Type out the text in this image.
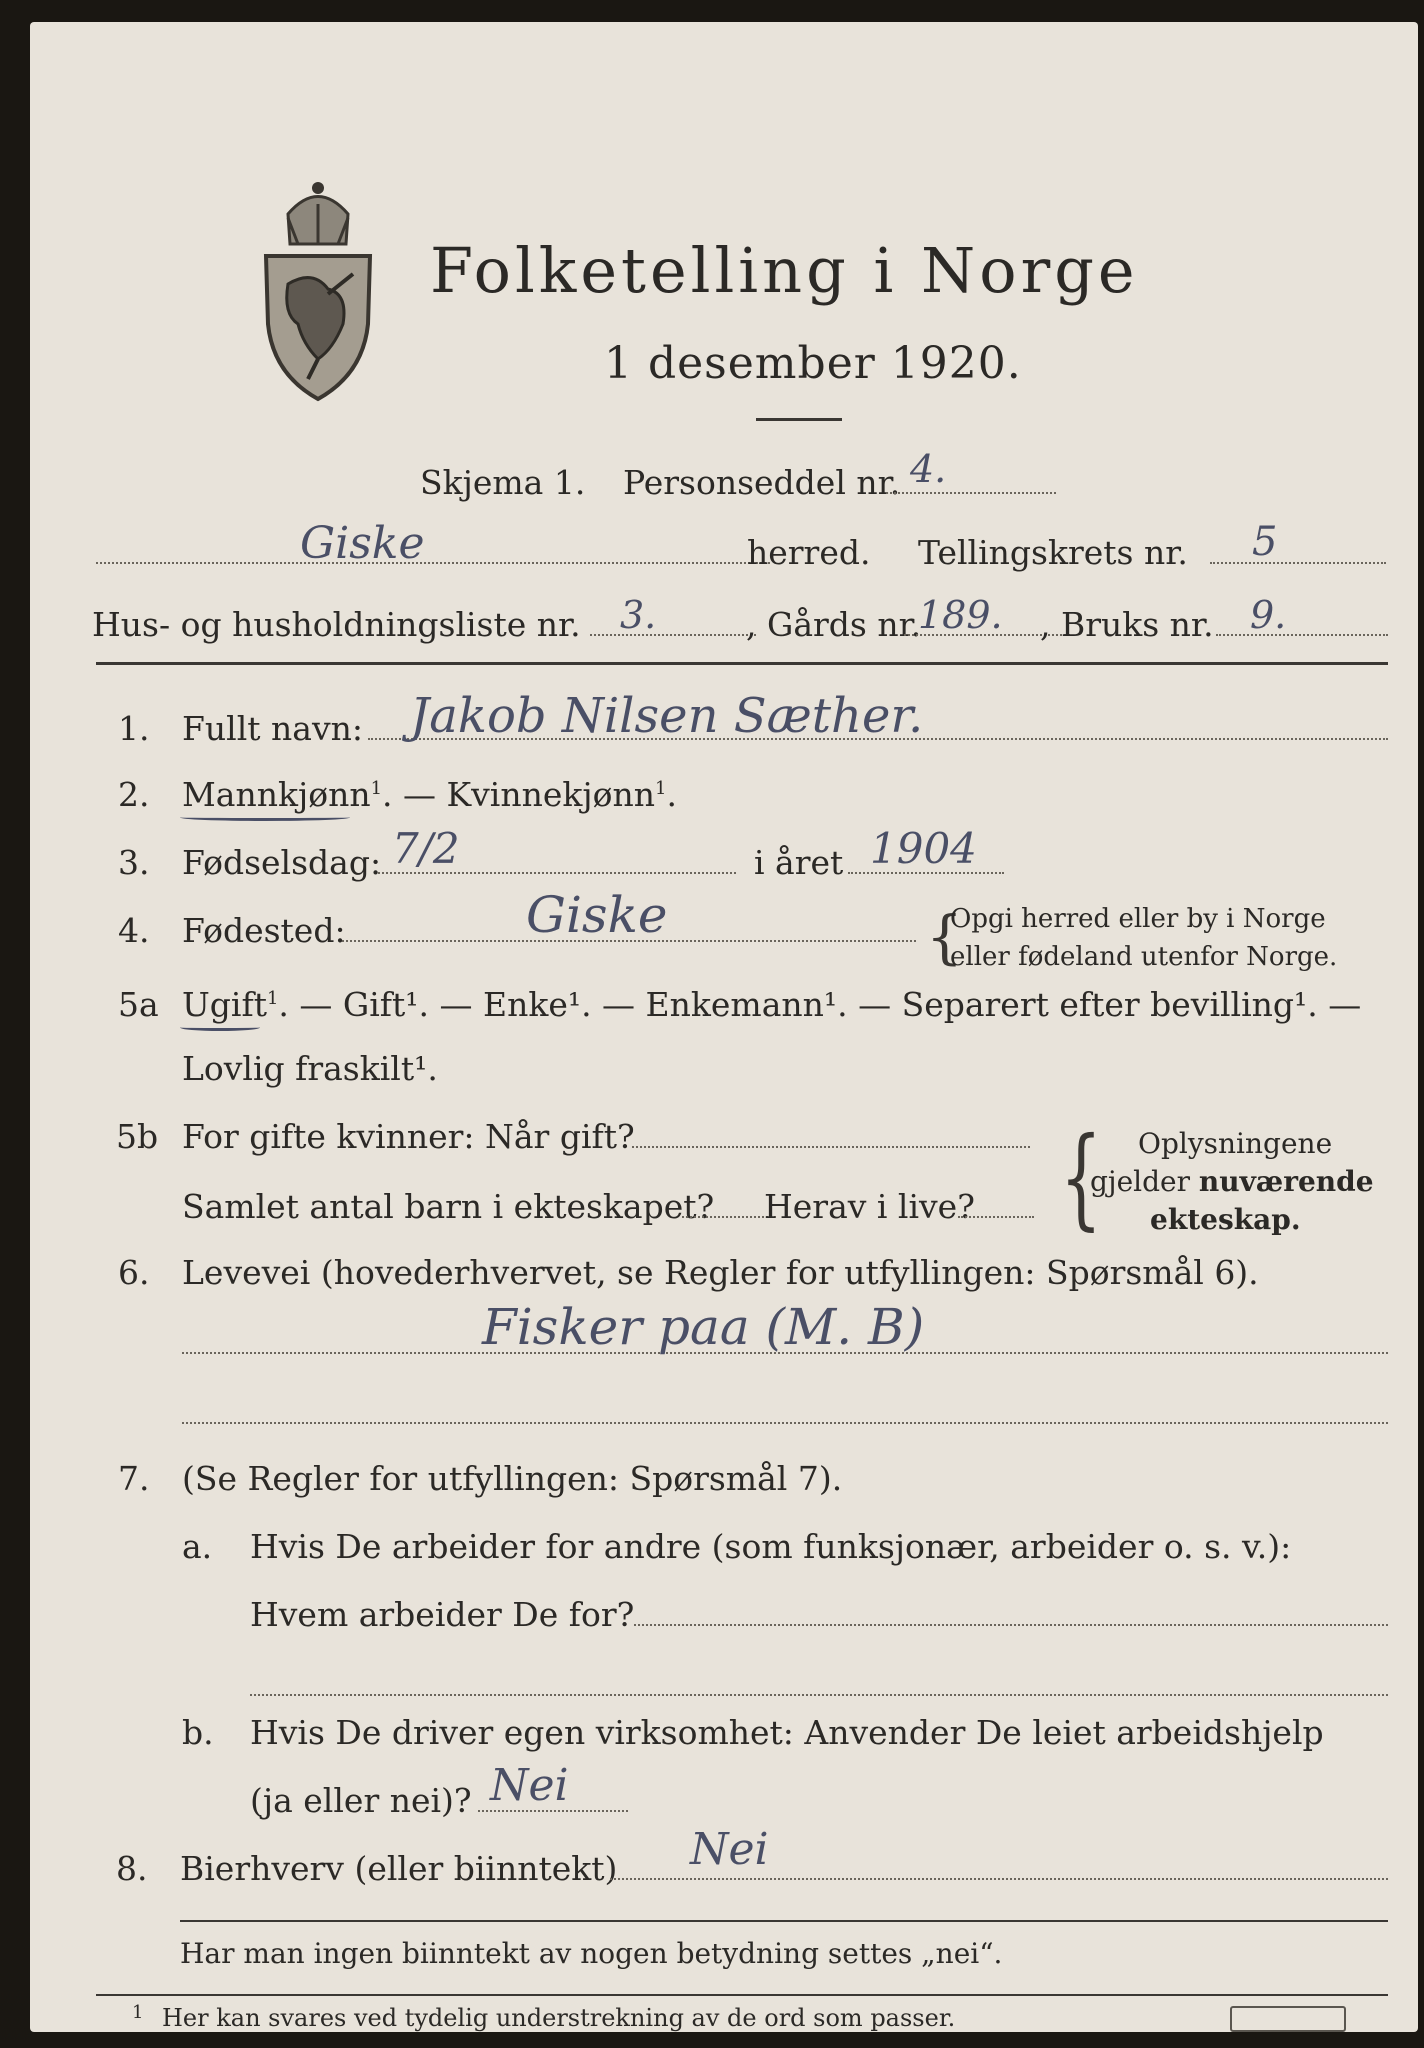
Folketelling i Norge
1 desember 1920.
Skjema 1. Personseddel nr. 4.
Giske	herred. Tellingskrets nr. 5
Hus- og husholdningsliste nr. 3.	, Gårds nr.
189. , Bruks nr. 9.
1. Fullt navn: Jakob Nilsen Sæther.
2. Mannkjønn$^1$. — Kvinnekjønn$^1$.
3. Fødselsdag: 7/2	i året 1904
4. Fødested:	Giske	{
Opgi herred eller by i Norge
eller fødeland utenfor Norge.
5a Ugift$^1$. — Gift¹. — Enke¹. — Enkemann¹. — Separert efter bevilling¹. —
Lovlig fraskilt¹.
5b For gifte kvinner: Når gift?
Samlet antal barn i ekteskapet? Herav i live? { Oplysningene
gjelder nuværende
ekteskap.
6. Levevei (hovederhvervet, se Regler for utfyllingen: Spørsmål 6).
Fisker paa (M. B)
7. (Se Regler for utfyllingen: Spørsmål 7).
a. Hvis De arbeider for andre (som funksjonær, arbeider o. s. v.):
Hvem arbeider De for?
b. Hvis De driver egen virksomhet: Anvender De leiet arbeidshjelp
(ja eller nei)? Nei
8. Bierhverv (eller biinntekt) Nei
Har man ingen biinntekt av nogen betydning settes „nei“.
1 Her kan svares ved tydelig understrekning av de ord som passer.
